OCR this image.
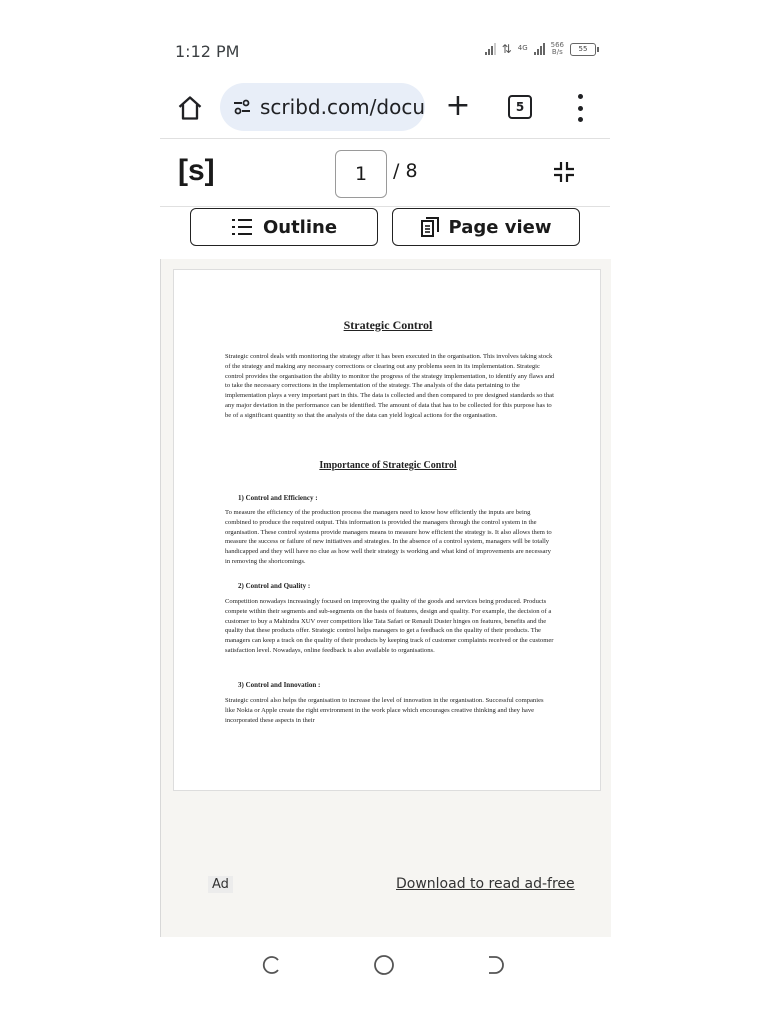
1:12 PM	⇅ $^{4G}$	566
B/s	55
scribd.com/docu +	5
[s]	1	/ 8
Outline	Page view
Strategic Control
Strategic control deals with monitoring the strategy after it has been executed in the organisation. This involves taking stock of the strategy and making any necessary corrections or clearing out any problems seen in its implementation. Strategic control provides the organisation the ability to monitor the progress of the strategy implementation, to identify any flaws and to take the necessary corrections in the implementation of the strategy. The analysis of the data pertaining to the implementation plays a very important part in this. The data is collected and then compared to pre designed standards so that any major deviation in the performance can be identified. The amount of data that has to be collected for this purpose has to be of a significant quantity so that the analysis of the data can yield logical actions for the organisation.
Importance of Strategic Control
1) Control and Efficiency :
To measure the efficiency of the production process the managers need to know how efficiently the inputs are being combined to produce the required output. This information is provided the managers through the control system in the organisation. These control systems provide managers means to measure how efficient the strategy is. It also allows them to measure the success or failure of new initiatives and strategies. In the absence of a control system, managers will be totally handicapped and they will have no clue as how well their strategy is working and what kind of improvements are necessary in removing the shortcomings.
2) Control and Quality :
Competition nowadays increasingly focused on improving the quality of the goods and services being produced. Products compete within their segments and sub-segments on the basis of features, design and quality. For example, the decision of a customer to buy a Mahindra XUV over competitors like Tata Safari or Renault Duster hinges on features, benefits and the quality that these products offer. Strategic control helps managers to get a feedback on the quality of their products. The managers can keep a track on the quality of their products by keeping track of customer complaints received or the customer satisfaction level. Nowadays, online feedback is also available to organisations.
3) Control and Innovation :
Strategic control also helps the organisation to increase the level of innovation in the organisation. Successful companies like Nokia or Apple create the right environment in the work place which encourages creative thinking and they have incorporated these aspects in their
Ad	Download to read ad-free
